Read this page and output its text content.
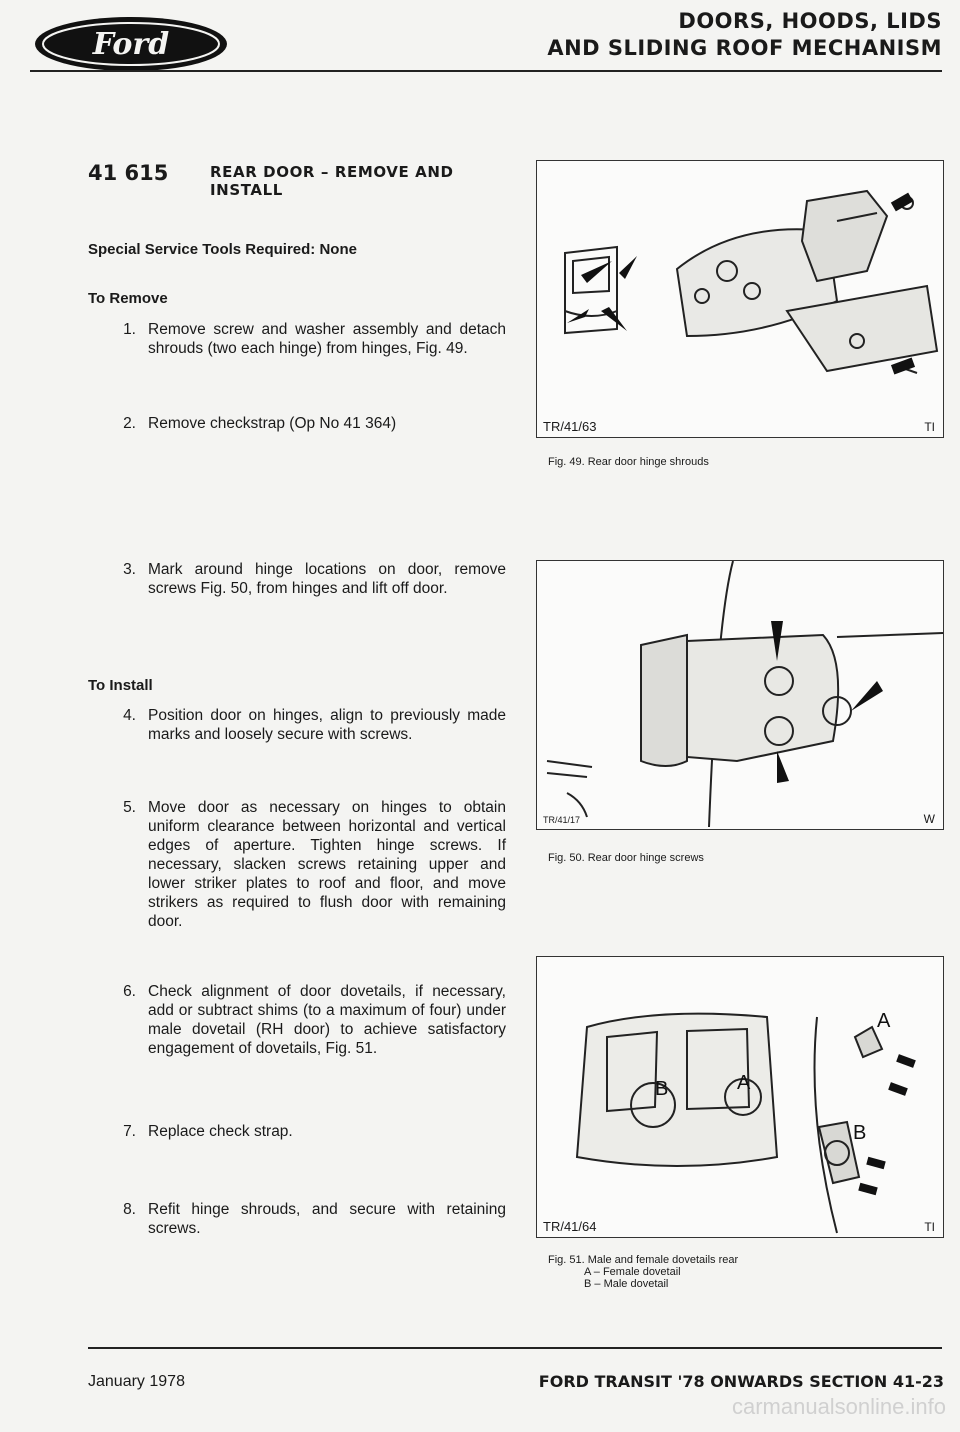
Ford
DOORS, HOODS, LIDS
AND SLIDING ROOF MECHANISM
41 615	REAR DOOR – REMOVE AND
INSTALL
Special Service Tools Required: None
To Remove
1. Remove screw and washer assembly and detach shrouds (two each hinge) from hinges, Fig. 49.
2. Remove checkstrap (Op No 41 364)
3. Mark around hinge locations on door, remove screws Fig. 50, from hinges and lift off door.
To Install
4. Position door on hinges, align to previously made marks and loosely secure with screws.
5. Move door as necessary on hinges to obtain uniform clearance between horizontal and vertical edges of aperture. Tighten hinge screws. If necessary, slacken screws retaining upper and lower striker plates to roof and floor, and move strikers as required to flush door with remaining door.
6. Check alignment of door dovetails, if necessary, add or subtract shims (to a maximum of four) under male dovetail (RH door) to achieve satisfactory engagement of dovetails, Fig. 51.
7. Replace check strap.
8. Refit hinge shrouds, and secure with retaining screws.
TR/41/63	TI
Fig. 49. Rear door hinge shrouds
TR/41/17	W
Fig. 50. Rear door hinge screws
B	A
A
B
TR/41/64	TI
Fig. 51. Male and female dovetails rear
A – Female dovetail
B – Male dovetail
January 1978	FORD TRANSIT '78 ONWARDS SECTION 41-23
carmanualsonline.info
